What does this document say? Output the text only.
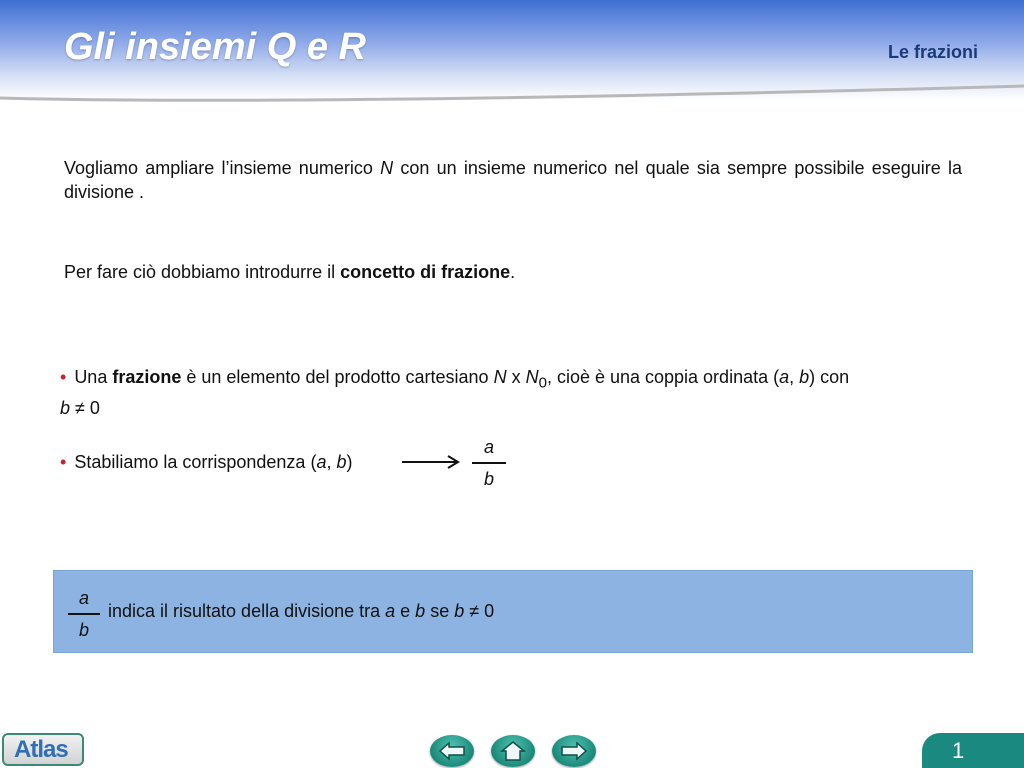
Gli insiemi Q e R	Le frazioni
Vogliamo ampliare l’insieme numerico N con un insieme numerico nel quale sia sempre possibile eseguire la divisione .
Per fare ciò dobbiamo introdurre il concetto di frazione.
• Una frazione è un elemento del prodotto cartesiano N x $N_0$, cioè è una coppia ordinata (a, b) con
b ≠ 0
• Stabiliamo la corrispondenza (a, b)
a
b
a
b
indica il risultato della divisione tra a e b se b ≠ 0
Atlas	1
